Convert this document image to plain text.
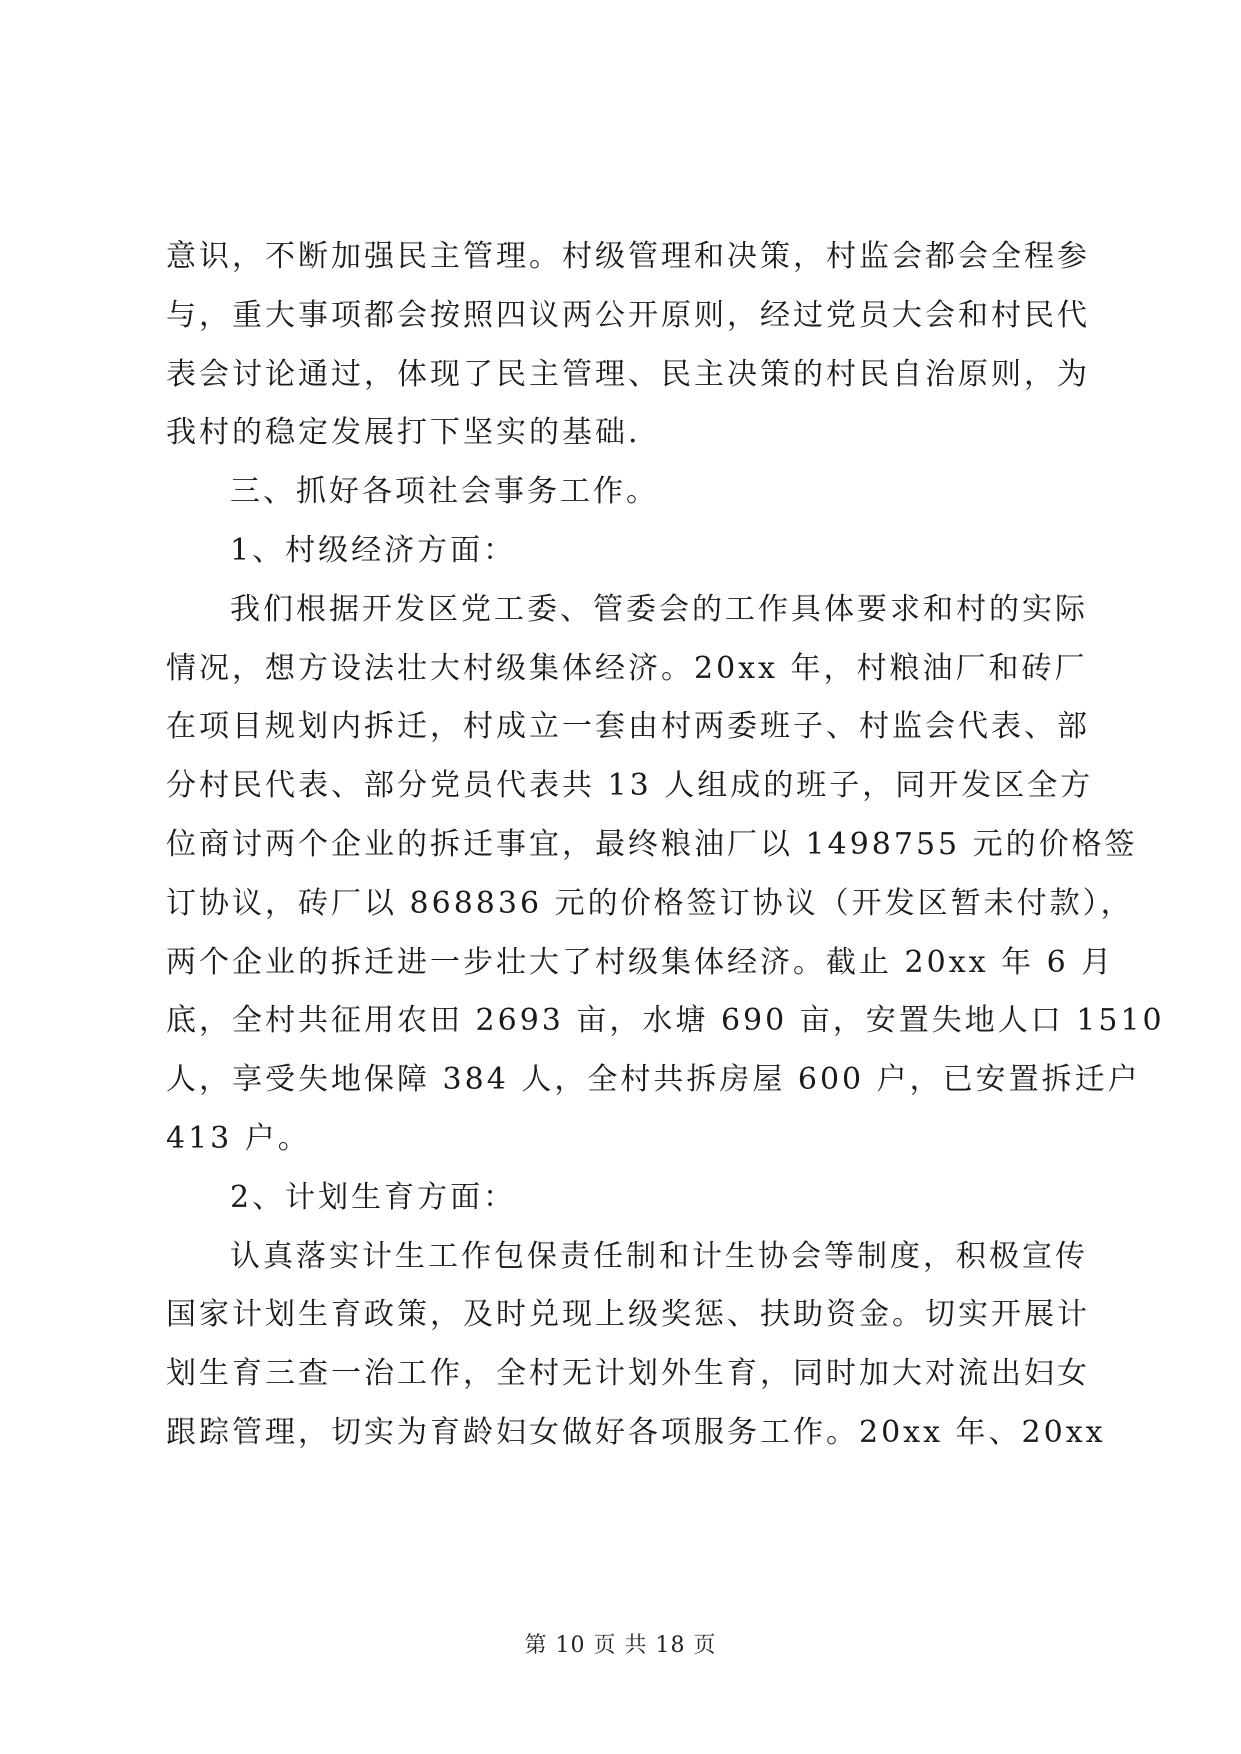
意识，不断加强民主管理。村级管理和决策，村监会都会全程参
与，重大事项都会按照四议两公开原则，经过党员大会和村民代
表会讨论通过，体现了民主管理、民主决策的村民自治原则，为
我村的稳定发展打下坚实的基础.
三、抓好各项社会事务工作。
1、村级经济方面：
我们根据开发区党工委、管委会的工作具体要求和村的实际
情况，想方设法壮大村级集体经济。20xx 年，村粮油厂和砖厂
在项目规划内拆迁，村成立一套由村两委班子、村监会代表、部
分村民代表、部分党员代表共 13 人组成的班子，同开发区全方
位商讨两个企业的拆迁事宜，最终粮油厂以 1498755 元的价格签
订协议，砖厂以 868836 元的价格签订协议（开发区暂未付款），
两个企业的拆迁进一步壮大了村级集体经济。截止 20xx 年 6 月
底，全村共征用农田 2693 亩，水塘 690 亩，安置失地人口 1510
人，享受失地保障 384 人，全村共拆房屋 600 户，已安置拆迁户
413 户。
2、计划生育方面：
认真落实计生工作包保责任制和计生协会等制度，积极宣传
国家计划生育政策，及时兑现上级奖惩、扶助资金。切实开展计
划生育三查一治工作，全村无计划外生育，同时加大对流出妇女
跟踪管理，切实为育龄妇女做好各项服务工作。20xx 年、20xx
第 10 页 共 18 页
